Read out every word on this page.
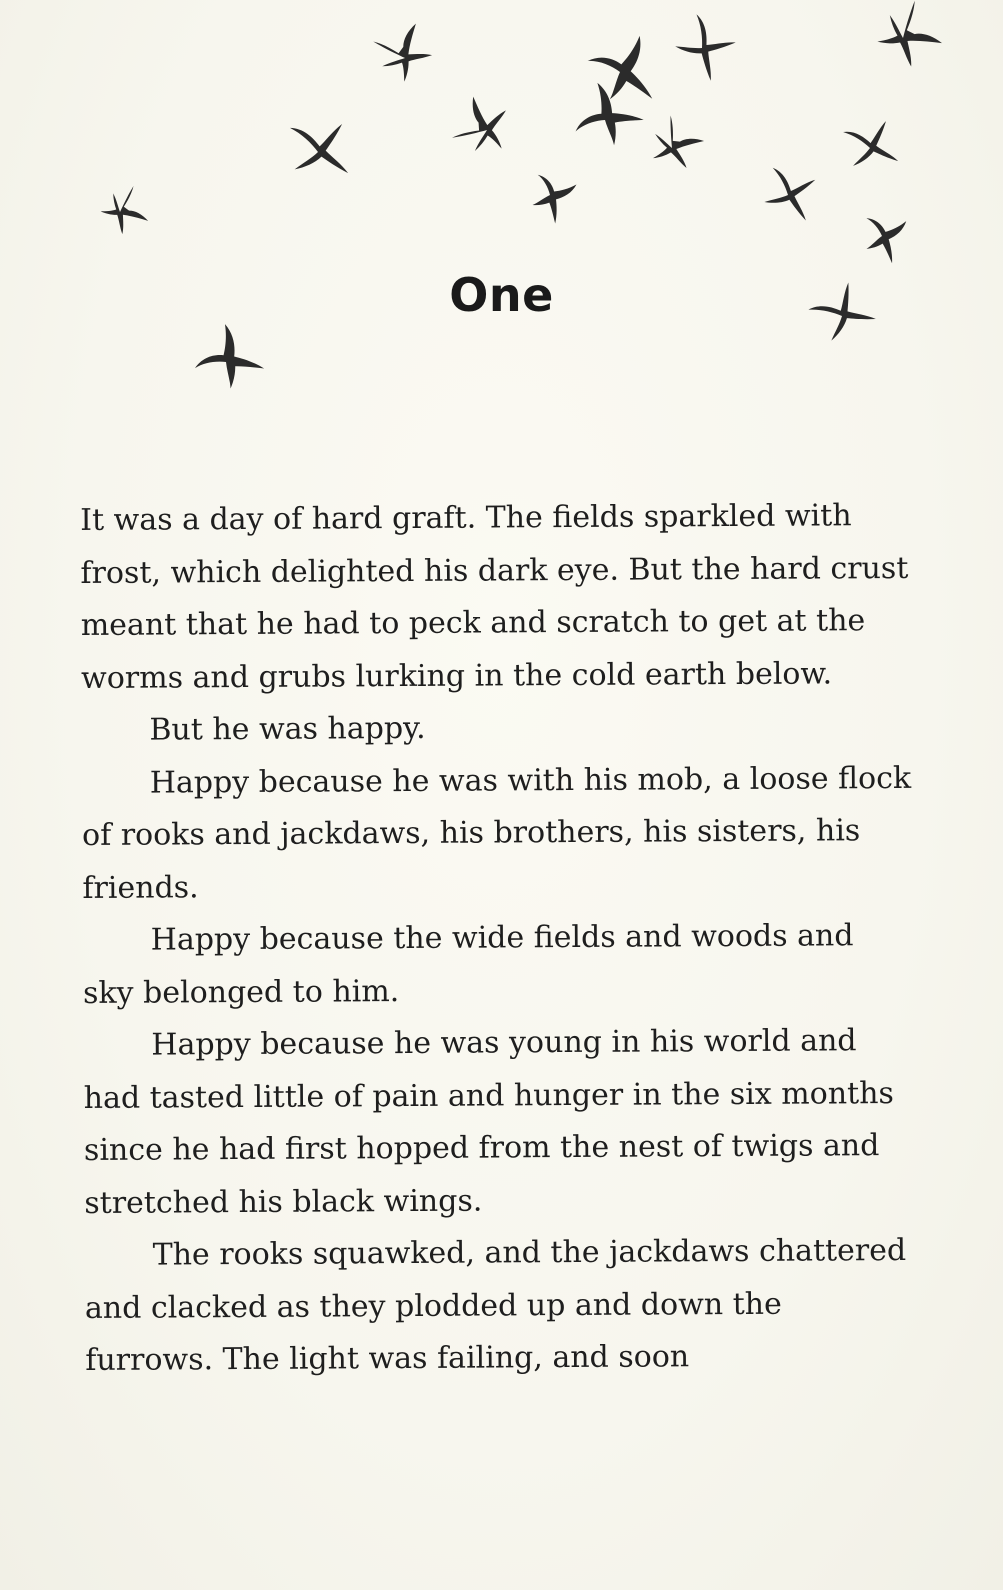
One

It was a day of hard graft. The fields sparkled with frost, which delighted his dark eye. But the hard crust meant that he had to peck and scratch to get at the worms and grubs lurking in the cold earth below.

But he was happy.

Happy because he was with his mob, a loose flock of rooks and jackdaws, his brothers, his sisters, his friends.

Happy because the wide fields and woods and sky belonged to him.

Happy because he was young in his world and had tasted little of pain and hunger in the six months since he had first hopped from the nest of twigs and stretched his black wings.

The rooks squawked, and the jackdaws chattered and clacked as they plodded up and down the furrows. The light was failing, and soon
